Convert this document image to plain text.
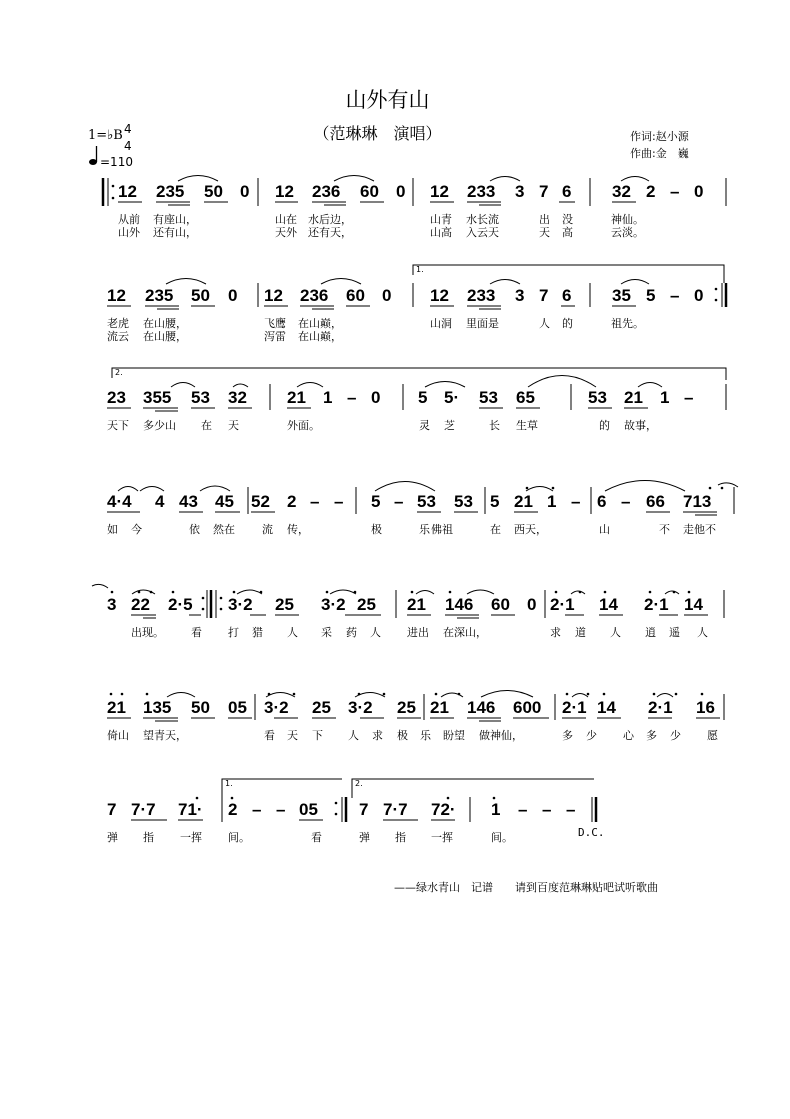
山外有山
（范琳琳　演唱）	作词:赵小源
作曲:金　巍
1=♭B 4
4
=110
12 235 50 0 12 236 60 0 12 233 3 7 6 32 2 – 0
从前 有座山，	山在 水后边，	山青 水长流	出 没	神仙。
山外 还有山，	天外 还有天，	山高 入云天	天 高	云淡。
1.
12 235 50 0 12 236 60 0 12 233 3 7 6 35 5 – 0
老虎 在山腰，	飞鹰 在山巅，	山洞 里面是	人 的	祖先。
流云 在山腰，	泻雷 在山巅，
2.
23 355 53 32 21 1 – 0 5 5· 53 65	53 21 1 –
天下 多少山 在 天	外面。	灵 芝	长 生草	的 故事，
4·4 4 43 45 52 2 – – 5 – 53 53 5 21 1 – 6 – 66 713
如 今	依 然在 流 传，	极	乐 佛祖	在 西天，	山	不 走他不
3 22 2·5 3·2 25 3·2 25 21 146 60 0 2·1 14 2·1 14
出现。 看 打 猎 人 采 药 人 进出 在深山，	求 道 人 逍 遥 人
21 135 50 05 3·2 25 3·2 25 21 146 600 2·1 14 2·1 16
倚山 望青天，	看 天 下 人 求 极 乐 盼望 做神仙，	多 少 心 多 少 愿
1.	2.
7 7·7 71· 2 – – 05 7 7·7 72· 1 – – –
弹 指 一挥 间。	看	弹 指 一挥	间。	D.C.
——绿水青山　记谱　　请到百度范琳琳贴吧试听歌曲
